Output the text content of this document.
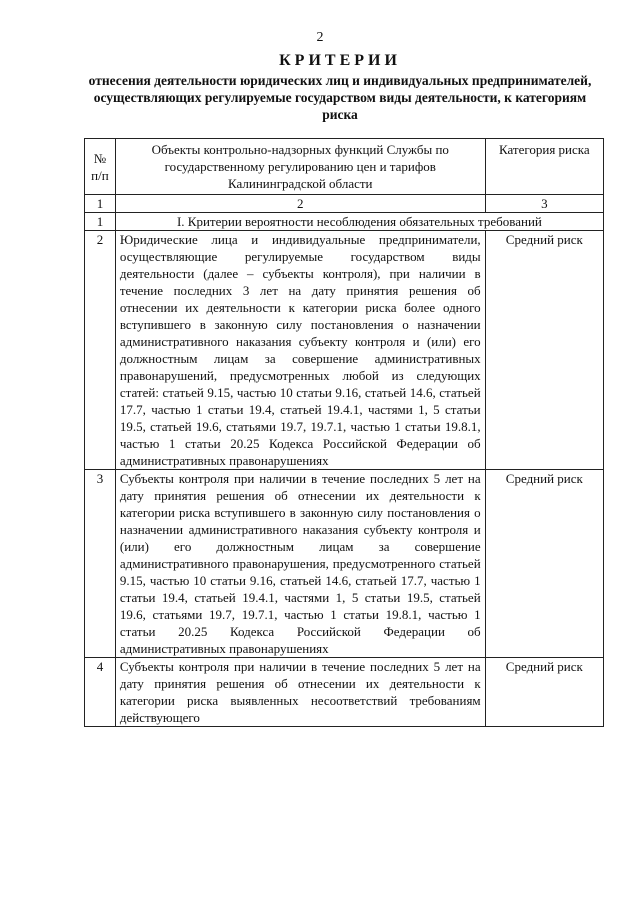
2
КРИТЕРИИ
отнесения деятельности юридических лиц и индивидуальных предпринимателей, осуществляющих регулируемые государством виды деятельности, к категориям риска
№ п/п	Объекты контрольно-надзорных функций Службы по государственному регулированию цен и тарифов Калининградской области	Категория риска
1	2	3
1	I. Критерии вероятности несоблюдения обязательных требований	
2	Юридические лица и индивидуальные предприниматели, осуществляющие регулируемые государством виды деятельности (далее – субъекты контроля), при наличии в течение последних 3 лет на дату принятия решения об отнесении их деятельности к категории риска более одного вступившего в законную силу постановления о назначении административного наказания субъекту контроля и (или) его должностным лицам за совершение административных правонарушений, предусмотренных любой из следующих статей: статьей 9.15, частью 10 статьи 9.16, статьей 14.6, статьей 17.7, частью 1 статьи 19.4, статьей 19.4.1, частями 1, 5 статьи 19.5, статьей 19.6, статьями 19.7, 19.7.1, частью 1 статьи 19.8.1, частью 1 статьи 20.25 Кодекса Российской Федерации об административных правонарушениях	Средний риск
3	Субъекты контроля при наличии в течение последних 5 лет на дату принятия решения об отнесении их деятельности к категории риска вступившего в законную силу постановления о назначении административного наказания субъекту контроля и (или) его должностным лицам за совершение административного правонарушения, предусмотренного статьей 9.15, частью 10 статьи 9.16, статьей 14.6, статьей 17.7, частью 1 статьи 19.4, статьей 19.4.1, частями 1, 5 статьи 19.5, статьей 19.6, статьями 19.7, 19.7.1, частью 1 статьи 19.8.1, частью 1 статьи 20.25 Кодекса Российской Федерации об административных правонарушениях	Средний риск
4	Субъекты контроля при наличии в течение последних 5 лет на дату принятия решения об отнесении их деятельности к категории риска выявленных несоответствий требованиям действующего	Средний риск
